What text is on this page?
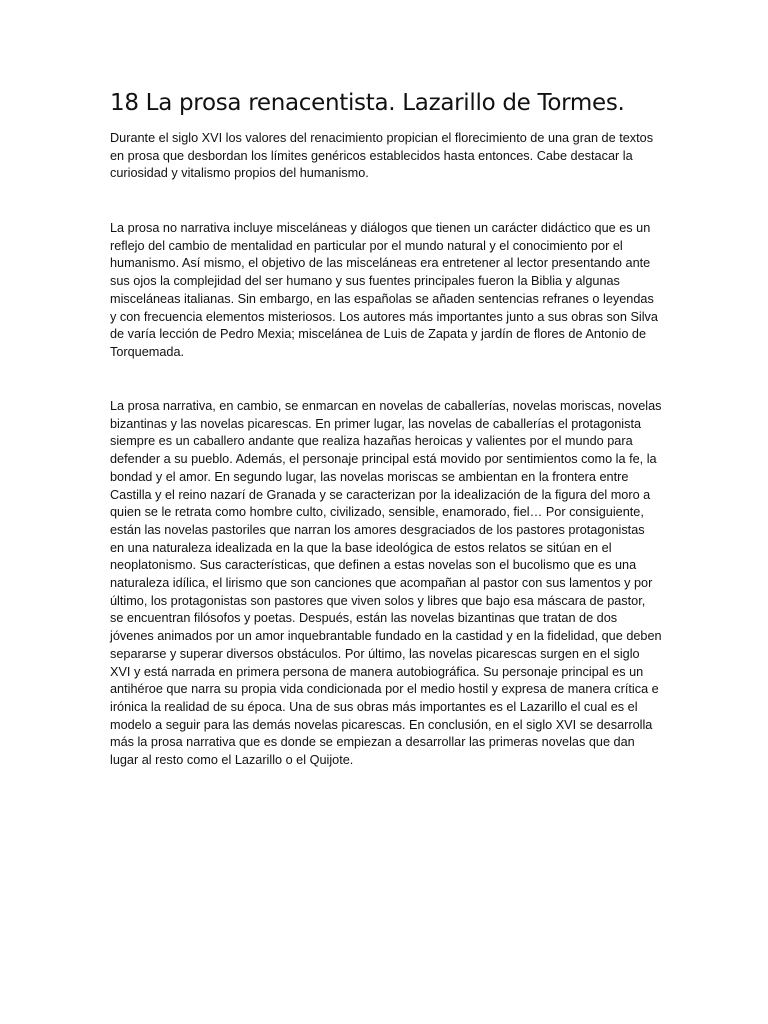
18 La prosa renacentista. Lazarillo de Tormes.

Durante el siglo XVI los valores del renacimiento propician el florecimiento de una gran de textos en prosa que desbordan los límites genéricos establecidos hasta entonces. Cabe destacar la curiosidad y vitalismo propios del humanismo.

La prosa no narrativa incluye misceláneas y diálogos que tienen un carácter didáctico que es un reflejo del cambio de mentalidad en particular por el mundo natural y el conocimiento por el humanismo. Así mismo, el objetivo de las misceláneas era entretener al lector presentando ante sus ojos la complejidad del ser humano y sus fuentes principales fueron la Biblia y algunas misceláneas italianas. Sin embargo, en las españolas se añaden sentencias refranes o leyendas y con frecuencia elementos misteriosos. Los autores más importantes junto a sus obras son Silva de varía lección de Pedro Mexia; miscelánea de Luis de Zapata y jardín de flores de Antonio de Torquemada.

La prosa narrativa, en cambio, se enmarcan en novelas de caballerías, novelas moriscas, novelas bizantinas y las novelas picarescas. En primer lugar, las novelas de caballerías el protagonista siempre es un caballero andante que realiza hazañas heroicas y valientes por el mundo para defender a su pueblo. Además, el personaje principal está movido por sentimientos como la fe, la bondad y el amor. En segundo lugar, las novelas moriscas se ambientan en la frontera entre Castilla y el reino nazarí de Granada y se caracterizan por la idealización de la figura del moro a quien se le retrata como hombre culto, civilizado, sensible, enamorado, fiel… Por consiguiente, están las novelas pastoriles que narran los amores desgraciados de los pastores protagonistas en una naturaleza idealizada en la que la base ideológica de estos relatos se sitúan en el neoplatonismo. Sus características, que definen a estas novelas son el bucolismo que es una naturaleza idílica, el lirismo que son canciones que acompañan al pastor con sus lamentos y por último, los protagonistas son pastores que viven solos y libres que bajo esa máscara de pastor, se encuentran filósofos y poetas. Después, están las novelas bizantinas que tratan de dos jóvenes animados por un amor inquebrantable fundado en la castidad y en la fidelidad, que deben separarse y superar diversos obstáculos. Por último, las novelas picarescas surgen en el siglo XVI y está narrada en primera persona de manera autobiográfica. Su personaje principal es un antihéroe que narra su propia vida condicionada por el medio hostil y expresa de manera crítica e irónica la realidad de su época. Una de sus obras más importantes es el Lazarillo el cual es el modelo a seguir para las demás novelas picarescas. En conclusión, en el siglo XVI se desarrolla más la prosa narrativa que es donde se empiezan a desarrollar las primeras novelas que dan lugar al resto como el Lazarillo o el Quijote.
